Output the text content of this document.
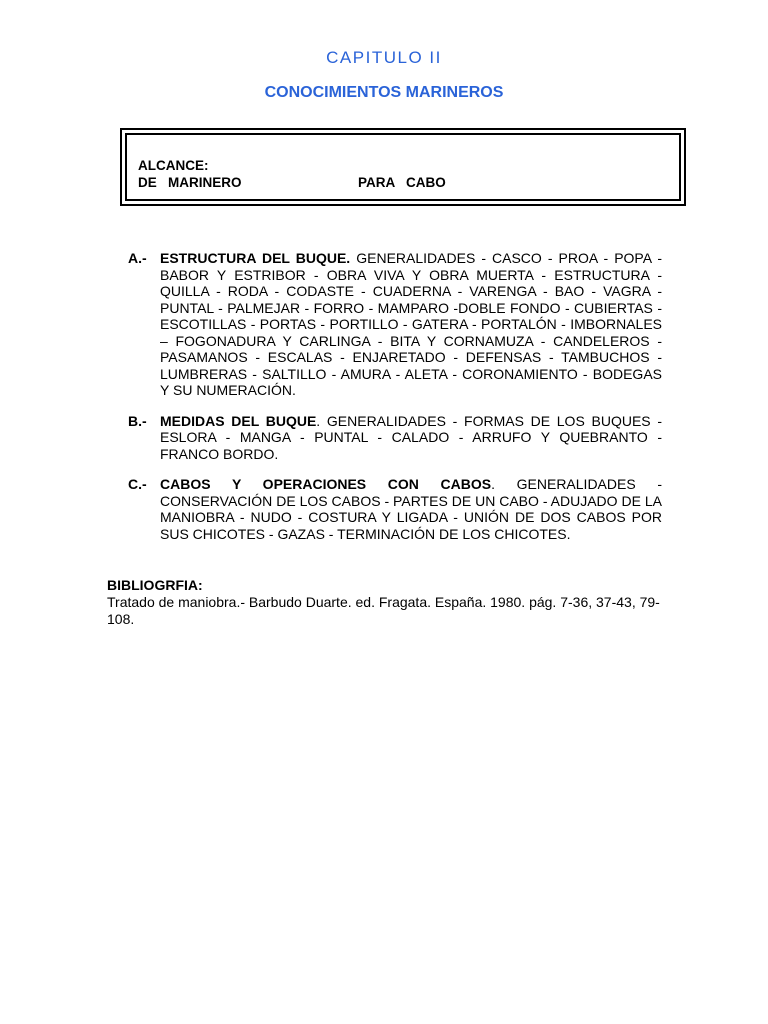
CAPITULO II
CONOCIMIENTOS MARINEROS
ALCANCE:
DE   MARINERO	PARA   CABO
A.- ESTRUCTURA DEL BUQUE. GENERALIDADES - CASCO - PROA - POPA - BABOR Y ESTRIBOR - OBRA VIVA Y OBRA MUERTA - ESTRUCTURA - QUILLA - RODA - CODASTE - CUADERNA - VARENGA - BAO - VAGRA - PUNTAL - PALMEJAR - FORRO - MAMPARO -DOBLE FONDO - CUBIERTAS - ESCOTILLAS - PORTAS - PORTILLO - GATERA - PORTALÓN - IMBORNALES – FOGONADURA Y CARLINGA - BITA Y CORNAMUZA - CANDELEROS - PASAMANOS - ESCALAS - ENJARETADO - DEFENSAS - TAMBUCHOS - LUMBRERAS - SALTILLO - AMURA - ALETA - CORONAMIENTO - BODEGAS Y SU NUMERACIÓN.
B.- MEDIDAS DEL BUQUE. GENERALIDADES - FORMAS DE LOS BUQUES - ESLORA - MANGA - PUNTAL - CALADO - ARRUFO Y QUEBRANTO - FRANCO BORDO.
C.- CABOS Y OPERACIONES CON CABOS. GENERALIDADES - CONSERVACIÓN DE LOS CABOS - PARTES DE UN CABO - ADUJADO DE LA MANIOBRA - NUDO - COSTURA Y LIGADA - UNIÓN DE DOS CABOS POR SUS CHICOTES - GAZAS - TERMINACIÓN DE LOS CHICOTES.
BIBLIOGRFIA:
Tratado de maniobra.- Barbudo Duarte. ed. Fragata. España. 1980. pág. 7-36, 37-43, 79-108.
